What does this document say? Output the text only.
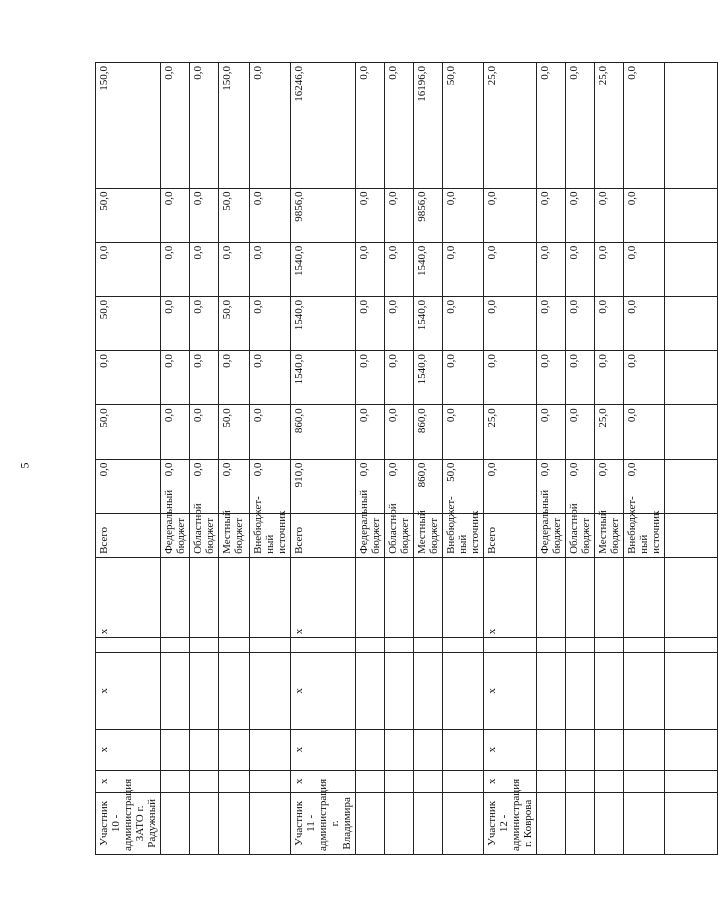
5
Участник 10 - администрация ЗАТО г. Радужный	x	x	x		x	Всего	0,0	50,0	0,0	50,0	0,0	50,0	150,0
						Федеральный бюджет	0,0	0,0	0,0	0,0	0,0	0,0	0,0
						Областной бюджет	0,0	0,0	0,0	0,0	0,0	0,0	0,0
						Местный бюджет	0,0	50,0	0,0	50,0	0,0	50,0	150,0
						Внебюджет-ный источник	0,0	0,0	0,0	0,0	0,0	0,0	0,0
Участник 11 - администрация г. Владимира	x	x	x		x	Всего	910,0	860,0	1540,0	1540,0	1540,0	9856,0	16246,0
						Федеральный бюджет	0,0	0,0	0,0	0,0	0,0	0,0	0,0
						Областной бюджет	0,0	0,0	0,0	0,0	0,0	0,0	0,0
						Местный бюджет	860,0	860,0	1540,0	1540,0	1540,0	9856,0	16196,0
						Внебюджет-ный источник	50,0	0,0	0,0	0,0	0,0	0,0	50,0
Участник 12 - администрация г. Коврова	x	x	x		x	Всего	0,0	25,0	0,0	0,0	0,0	0,0	25,0
						Федеральный бюджет	0,0	0,0	0,0	0,0	0,0	0,0	0,0
						Областной бюджет	0,0	0,0	0,0	0,0	0,0	0,0	0,0
						Местный бюджет	0,0	25,0	0,0	0,0	0,0	0,0	25,0
						Внебюджет-ный источник	0,0	0,0	0,0	0,0	0,0	0,0	0,0
